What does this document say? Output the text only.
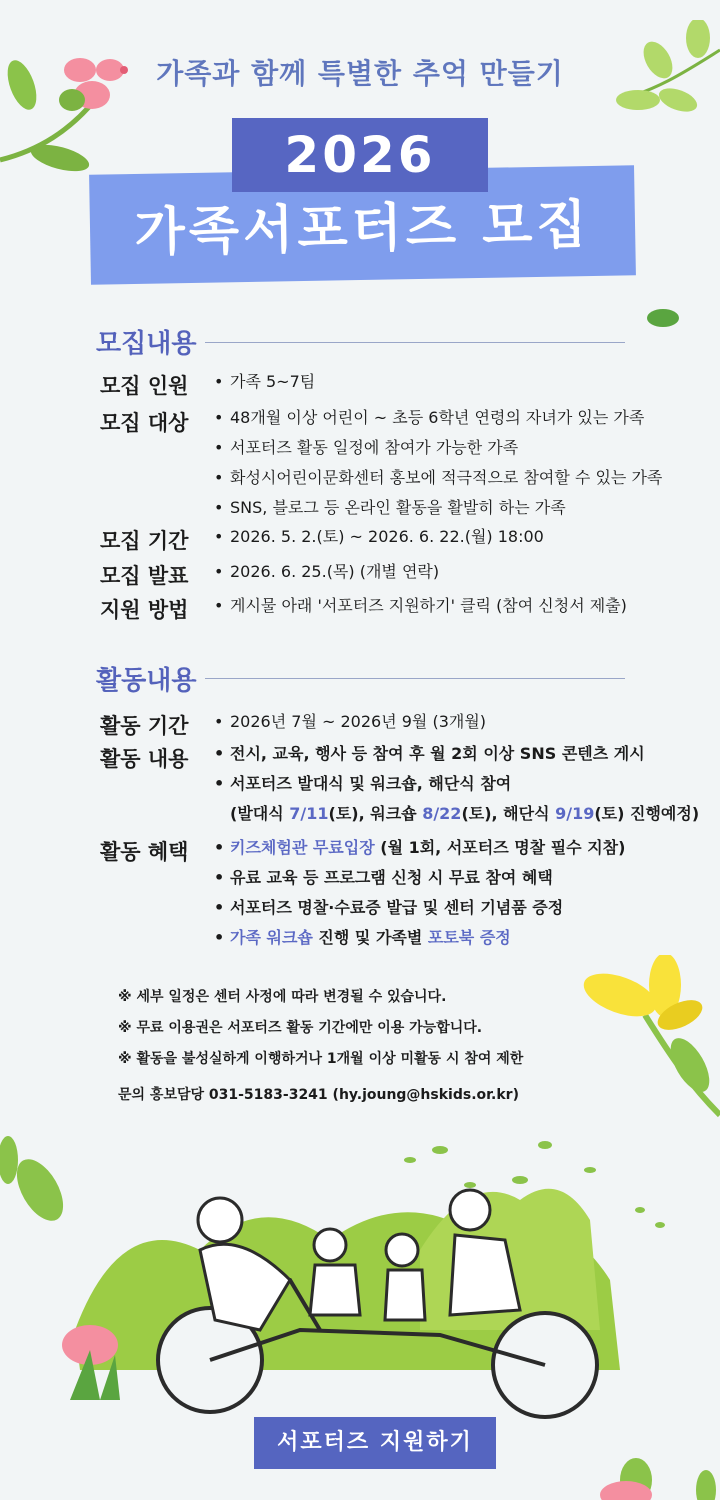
가족과 함께 특별한 추억 만들기
가족서포터즈 모집
2026
모집내용
모집 인원 • 가족 5~7팀
모집 대상 • 48개월 이상 어린이 ~ 초등 6학년 연령의 자녀가 있는 가족
• 서포터즈 활동 일정에 참여가 가능한 가족
• 화성시어린이문화센터 홍보에 적극적으로 참여할 수 있는 가족
• SNS, 블로그 등 온라인 활동을 활발히 하는 가족
모집 기간 • 2026. 5. 2.(토) ~ 2026. 6. 22.(월) 18:00
모집 발표 • 2026. 6. 25.(목) (개별 연락)
지원 방법 • 게시물 아래 '서포터즈 지원하기' 클릭 (참여 신청서 제출)
활동내용
활동 기간 • 2026년 7월 ~ 2026년 9월 (3개월)
활동 내용 • 전시, 교육, 행사 등 참여 후 월 2회 이상 SNS 콘텐츠 게시
• 서포터즈 발대식 및 워크숍, 해단식 참여
(발대식 7/11(토), 워크숍 8/22(토), 해단식 9/19(토) 진행예정)
활동 혜택 • 키즈체험관 무료입장 (월 1회, 서포터즈 명찰 필수 지참)
• 유료 교육 등 프로그램 신청 시 무료 참여 혜택
• 서포터즈 명찰·수료증 발급 및 센터 기념품 증정
• 가족 워크숍 진행 및 가족별 포토북 증정
※ 세부 일정은 센터 사정에 따라 변경될 수 있습니다.
※ 무료 이용권은 서포터즈 활동 기간에만 이용 가능합니다.
※ 활동을 불성실하게 이행하거나 1개월 이상 미활동 시 참여 제한
문의 홍보담당 031-5183-3241 (hy.joung@hskids.or.kr)
서포터즈 지원하기
